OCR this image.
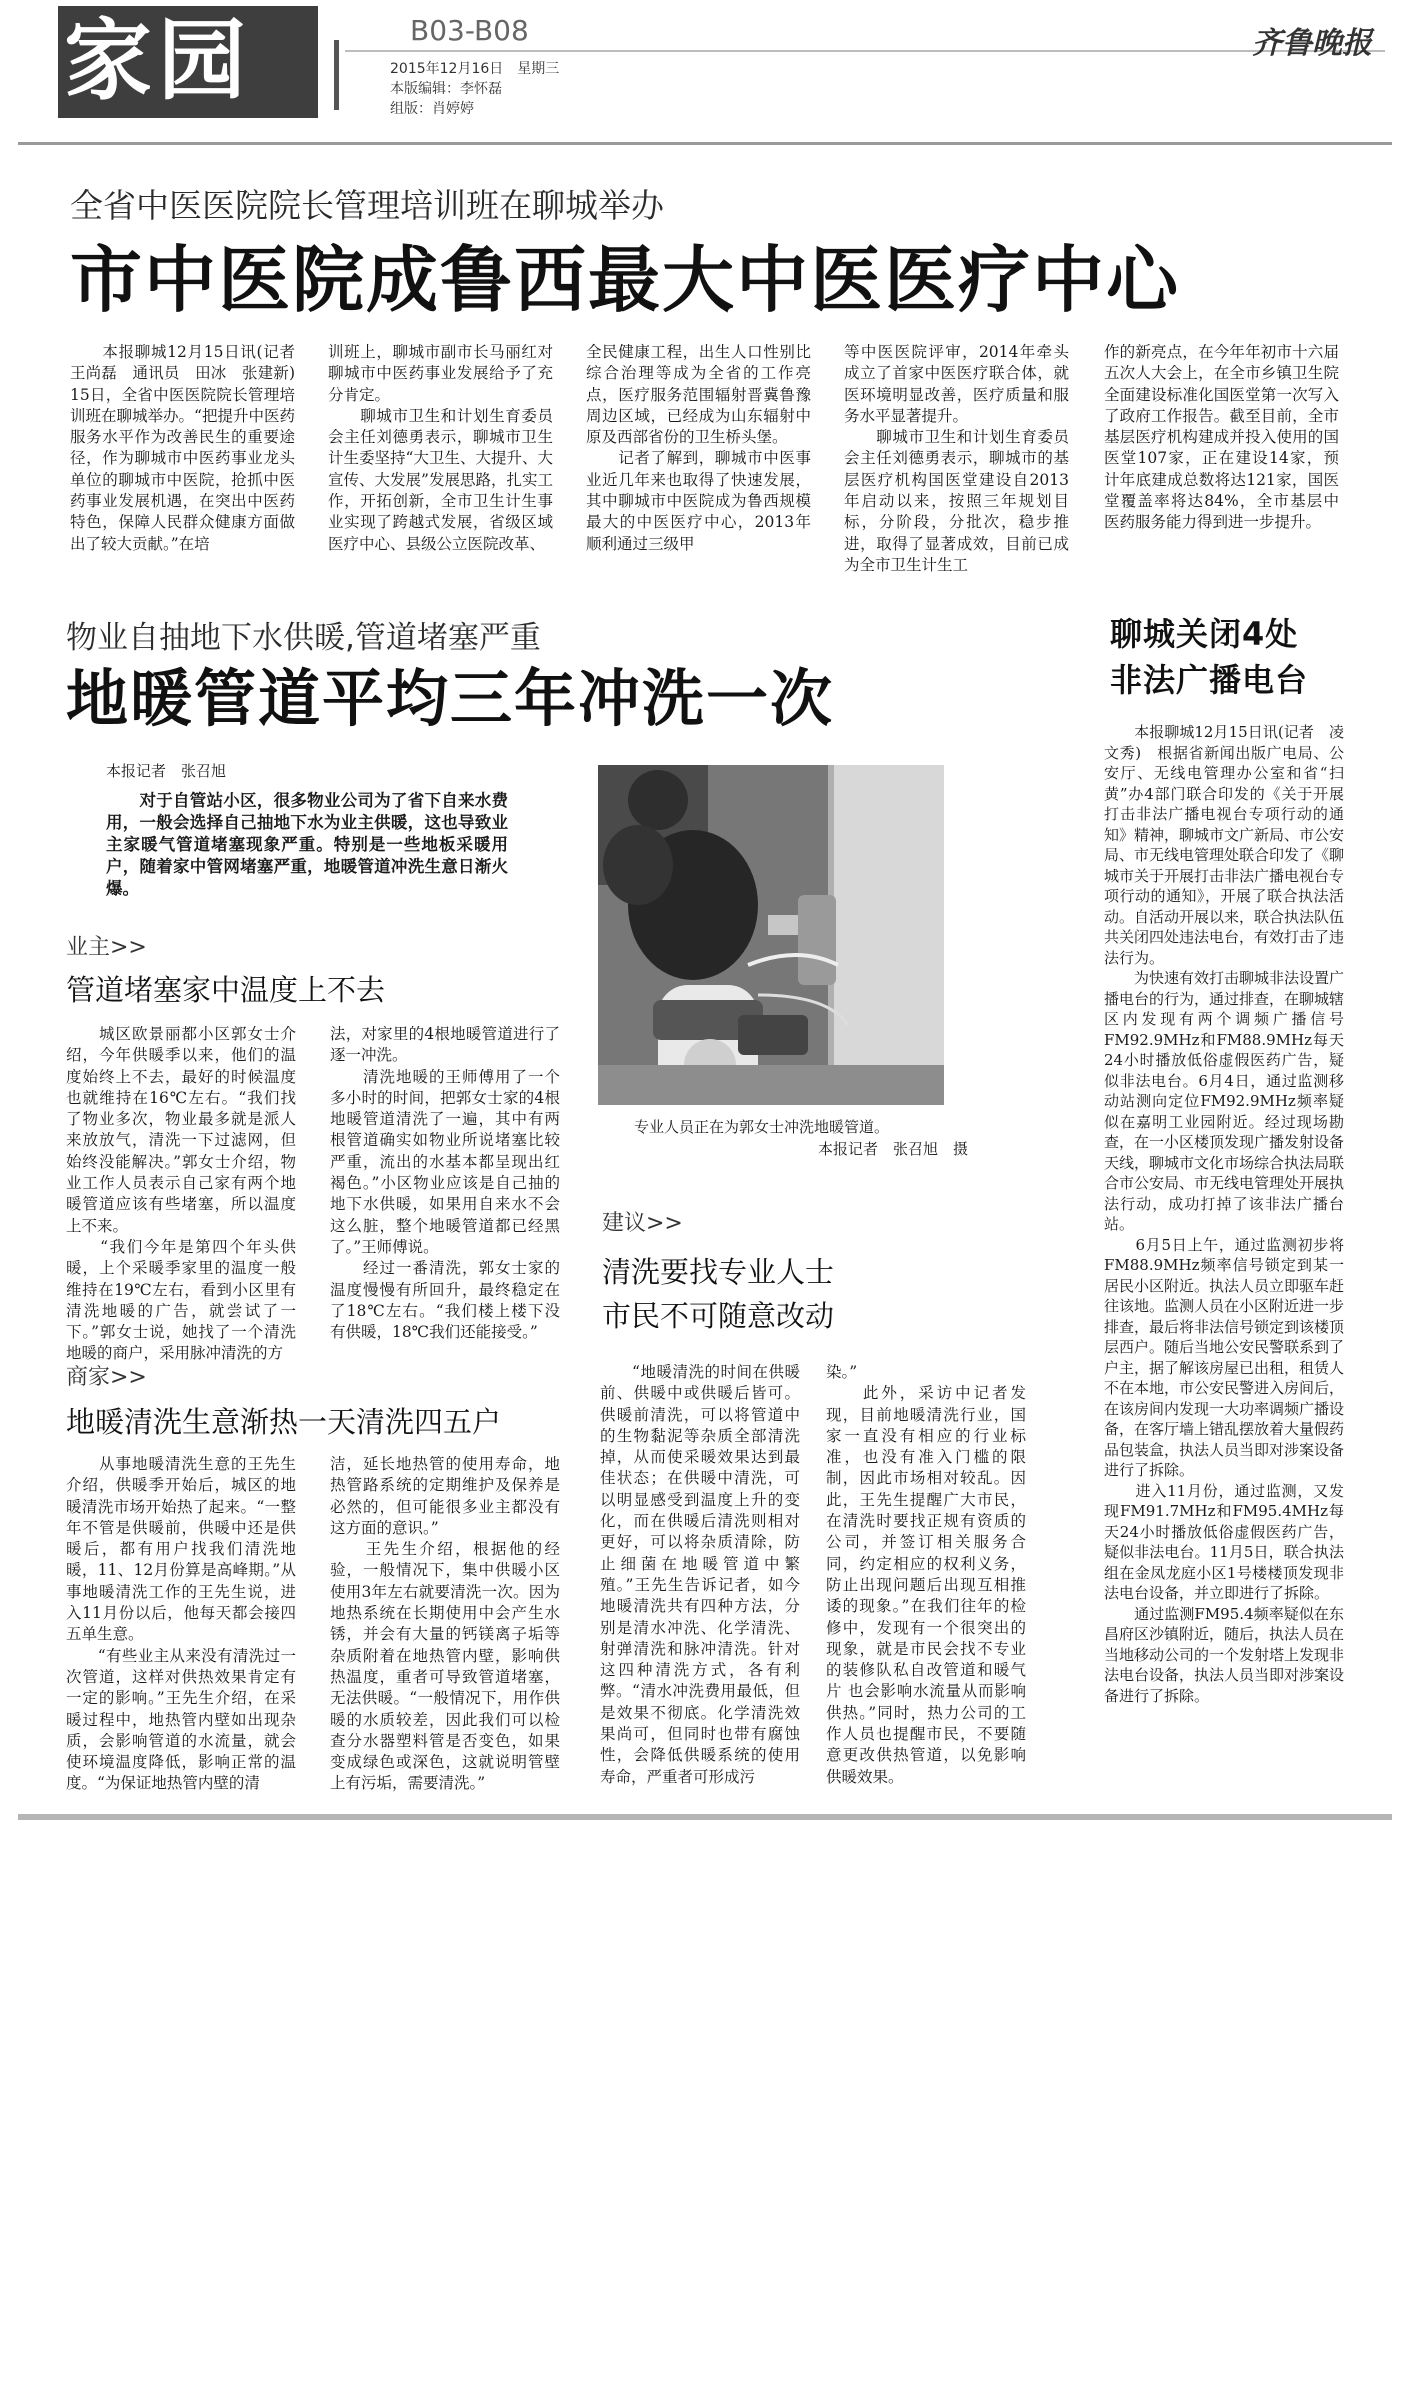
家园	B03-B08
2015年12月16日　星期三
本版编辑：李怀磊
组版：肖婷婷
齐鲁晚报
全省中医医院院长管理培训班在聊城举办
市中医院成鲁西最大中医医疗中心

　　本报聊城12月15日讯(记者　王尚磊　通讯员　田冰　张建新)　15日，全省中医医院院长管理培训班在聊城举办。“把提升中医药服务水平作为改善民生的重要途径，作为聊城市中医药事业龙头单位的聊城市中医院，抢抓中医药事业发展机遇，在突出中医药特色，保障人民群众健康方面做出了较大贡献。”在培

训班上，聊城市副市长马丽红对聊城市中医药事业发展给予了充分肯定。
　　聊城市卫生和计划生育委员会主任刘德勇表示，聊城市卫生计生委坚持“大卫生、大提升、大宣传、大发展”发展思路，扎实工作，开拓创新，全市卫生计生事业实现了跨越式发展，省级区域医疗中心、县级公立医院改革、

全民健康工程，出生人口性别比综合治理等成为全省的工作亮点，医疗服务范围辐射晋冀鲁豫周边区域，已经成为山东辐射中原及西部省份的卫生桥头堡。
　　记者了解到，聊城市中医事业近几年来也取得了快速发展，其中聊城市中医院成为鲁西规模最大的中医医疗中心，2013年顺利通过三级甲

等中医医院评审，2014年牵头成立了首家中医医疗联合体，就医环境明显改善，医疗质量和服务水平显著提升。
　　聊城市卫生和计划生育委员会主任刘德勇表示，聊城市的基层医疗机构国医堂建设自2013年启动以来，按照三年规划目标，分阶段，分批次，稳步推进，取得了显著成效，目前已成为全市卫生计生工

作的新亮点，在今年年初市十六届五次人大会上，在全市乡镇卫生院全面建设标准化国医堂第一次写入了政府工作报告。截至目前，全市基层医疗机构建成并投入使用的国医堂107家，正在建设14家，预计年底建成总数将达121家，国医堂覆盖率将达84%，全市基层中医药服务能力得到进一步提升。

物业自抽地下水供暖,管道堵塞严重
地暖管道平均三年冲洗一次
本报记者　张召旭

　　对于自管站小区，很多物业公司为了省下自来水费用，一般会选择自己抽地下水为业主供暖，这也导致业主家暖气管道堵塞现象严重。特别是一些地板采暖用户，随着家中管网堵塞严重，地暖管道冲洗生意日渐火爆。

业主>>
管道堵塞家中温度上不去

　　城区欧景丽都小区郭女士介绍，今年供暖季以来，他们的温度始终上不去，最好的时候温度也就维持在16℃左右。“我们找了物业多次，物业最多就是派人来放放气，清洗一下过滤网，但始终没能解决。”郭女士介绍，物业工作人员表示自己家有两个地暖管道应该有些堵塞，所以温度上不来。
　　“我们今年是第四个年头供暖，上个采暖季家里的温度一般维持在19℃左右，看到小区里有清洗地暖的广告，就尝试了一下。”郭女士说，她找了一个清洗地暖的商户，采用脉冲清洗的方

法，对家里的4根地暖管道进行了逐一冲洗。
　　清洗地暖的王师傅用了一个多小时的时间，把郭女士家的4根地暖管道清洗了一遍，其中有两根管道确实如物业所说堵塞比较严重，流出的水基本都呈现出红褐色。”小区物业应该是自己抽的地下水供暖，如果用自来水不会这么脏，整个地暖管道都已经黑了。”王师傅说。
　　经过一番清洗，郭女士家的温度慢慢有所回升，最终稳定在了18℃左右。“我们楼上楼下没有供暖，18℃我们还能接受。”

专业人员正在为郭女士冲洗地暖管道。
本报记者　张召旭　摄
建议>>
清洗要找专业人士
市民不可随意改动
商家>>
地暖清洗生意渐热一天清洗四五户

　　从事地暖清洗生意的王先生介绍，供暖季开始后，城区的地暖清洗市场开始热了起来。“一整年不管是供暖前，供暖中还是供暖后，都有用户找我们清洗地暖，11、12月份算是高峰期。”从事地暖清洗工作的王先生说，进入11月份以后，他每天都会接四五单生意。
　　“有些业主从来没有清洗过一次管道，这样对供热效果肯定有一定的影响。”王先生介绍，在采暖过程中，地热管内壁如出现杂质，会影响管道的水流量，就会使环境温度降低，影响正常的温度。“为保证地热管内壁的清

洁，延长地热管的使用寿命，地热管路系统的定期维护及保养是必然的，但可能很多业主都没有这方面的意识。”
　　王先生介绍，根据他的经验，一般情况下，集中供暖小区使用3年左右就要清洗一次。因为地热系统在长期使用中会产生水锈，并会有大量的钙镁离子垢等杂质附着在地热管内壁，影响供热温度，重者可导致管道堵塞，无法供暖。“一般情况下，用作供暖的水质较差，因此我们可以检查分水器塑料管是否变色，如果变成绿色或深色，这就说明管壁上有污垢，需要清洗。”

　　“地暖清洗的时间在供暖前、供暖中或供暖后皆可。供暖前清洗，可以将管道中的生物黏泥等杂质全部清洗掉，从而使采暖效果达到最佳状态；在供暖中清洗，可以明显感受到温度上升的变化，而在供暖后清洗则相对更好，可以将杂质清除，防止细菌在地暖管道中繁殖。”王先生告诉记者，如今地暖清洗共有四种方法，分别是清水冲洗、化学清洗、射弹清洗和脉冲清洗。针对这四种清洗方式，各有利弊。“清水冲洗费用最低，但是效果不彻底。化学清洗效果尚可，但同时也带有腐蚀性，会降低供暖系统的使用寿命，严重者可形成污

染。”
　　此外，采访中记者发现，目前地暖清洗行业，国家一直没有相应的行业标准，也没有准入门槛的限制，因此市场相对较乱。因此，王先生提醒广大市民，在清洗时要找正规有资质的公司，并签订相关服务合同，约定相应的权利义务，防止出现问题后出现互相推诿的现象。”在我们往年的检修中，发现有一个很突出的现象，就是市民会找不专业的装修队私自改管道和暖气片 也会影响水流量从而影响供热。”同时，热力公司的工作人员也提醒市民，不要随意更改供热管道，以免影响供暖效果。

聊城关闭4处
非法广播电台

　　本报聊城12月15日讯(记者　凌文秀)　根据省新闻出版广电局、公安厅、无线电管理办公室和省“扫黄”办4部门联合印发的《关于开展打击非法广播电视台专项行动的通知》精神，聊城市文广新局、市公安局、市无线电管理处联合印发了《聊城市关于开展打击非法广播电视台专项行动的通知》，开展了联合执法活动。自活动开展以来，联合执法队伍共关闭四处违法电台，有效打击了违法行为。
　　为快速有效打击聊城非法设置广播电台的行为，通过排查，在聊城辖区内发现有两个调频广播信号FM92.9MHz和FM88.9MHz每天24小时播放低俗虚假医药广告，疑似非法电台。6月4日，通过监测移动站测向定位FM92.9MHz频率疑似在嘉明工业园附近。经过现场勘查，在一小区楼顶发现广播发射设备天线，聊城市文化市场综合执法局联合市公安局、市无线电管理处开展执法行动，成功打掉了该非法广播台站。
　　6月5日上午，通过监测初步将FM88.9MHz频率信号锁定到某一居民小区附近。执法人员立即驱车赶往该地。监测人员在小区附近进一步排查，最后将非法信号锁定到该楼顶层西户。随后当地公安民警联系到了户主，据了解该房屋已出租，租赁人不在本地，市公安民警进入房间后，在该房间内发现一大功率调频广播设备，在客厅墙上错乱摆放着大量假药品包装盒，执法人员当即对涉案设备进行了拆除。
　　进入11月份，通过监测，又发现FM91.7MHz和FM95.4MHz每天24小时播放低俗虚假医药广告，疑似非法电台。11月5日，联合执法组在金凤龙庭小区1号楼楼顶发现非法电台设备，并立即进行了拆除。
　　通过监测FM95.4频率疑似在东昌府区沙镇附近，随后，执法人员在当地移动公司的一个发射塔上发现非法电台设备，执法人员当即对涉案设备进行了拆除。
